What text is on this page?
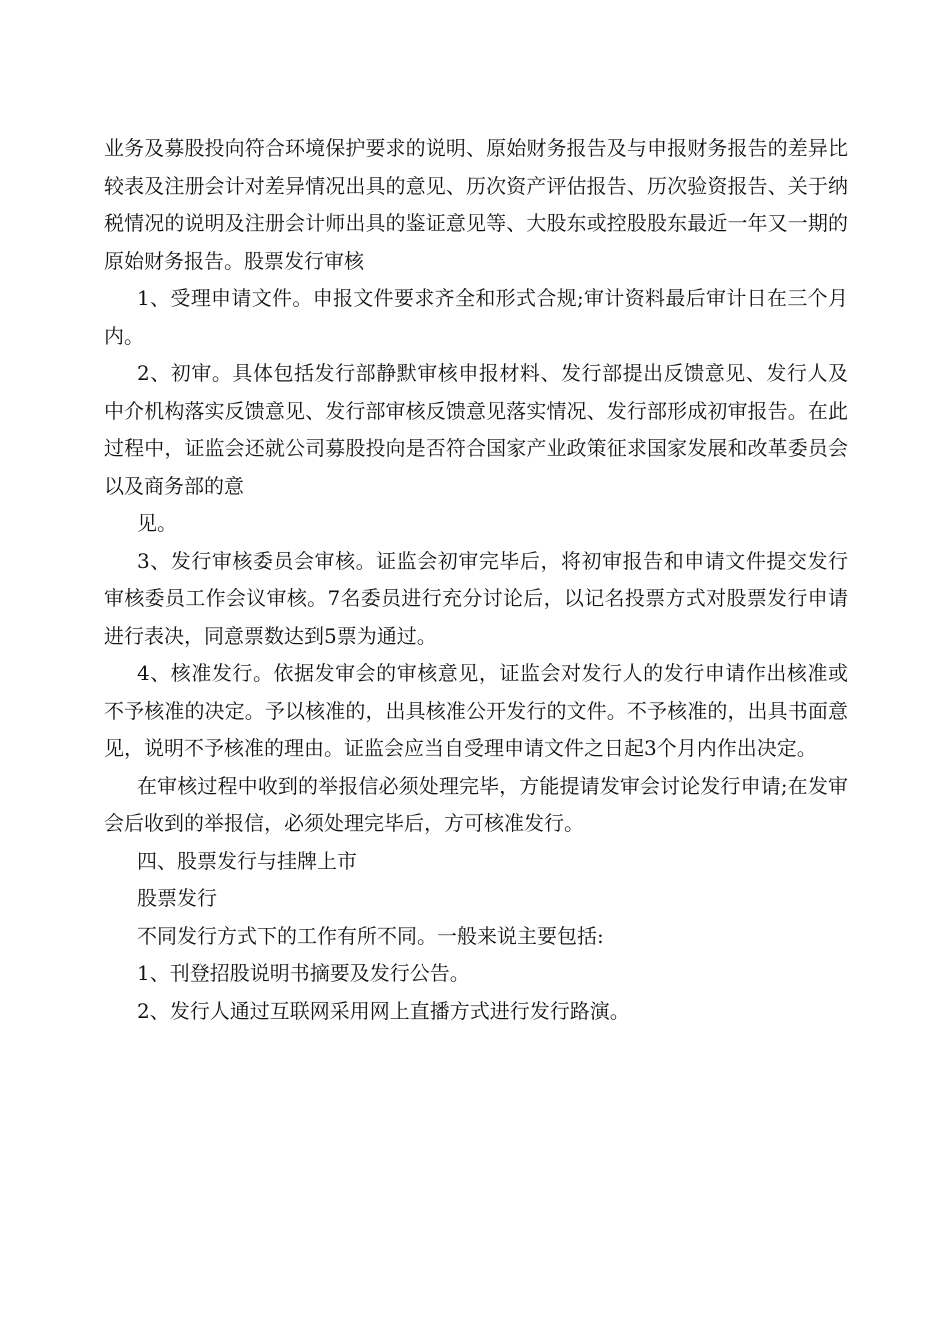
业务及募股投向符合环境保护要求的说明、原始财务报告及与申报财务报告的差异比较表及注册会计对差异情况出具的意见、历次资产评估报告、历次验资报告、关于纳税情况的说明及注册会计师出具的鉴证意见等、大股东或控股股东最近一年又一期的原始财务报告。股票发行审核

1、受理申请文件。申报文件要求齐全和形式合规;审计资料最后审计日在三个月内。

2、初审。具体包括发行部静默审核申报材料、发行部提出反馈意见、发行人及中介机构落实反馈意见、发行部审核反馈意见落实情况、发行部形成初审报告。在此过程中，证监会还就公司募股投向是否符合国家产业政策征求国家发展和改革委员会以及商务部的意

见。

3、发行审核委员会审核。证监会初审完毕后，将初审报告和申请文件提交发行审核委员工作会议审核。7名委员进行充分讨论后，以记名投票方式对股票发行申请进行表决，同意票数达到5票为通过。

4、核准发行。依据发审会的审核意见，证监会对发行人的发行申请作出核准或不予核准的决定。予以核准的，出具核准公开发行的文件。不予核准的，出具书面意见，说明不予核准的理由。证监会应当自受理申请文件之日起3个月内作出决定。

在审核过程中收到的举报信必须处理完毕，方能提请发审会讨论发行申请;在发审会后收到的举报信，必须处理完毕后，方可核准发行。

四、股票发行与挂牌上市

股票发行

不同发行方式下的工作有所不同。一般来说主要包括:

1、刊登招股说明书摘要及发行公告。

2、发行人通过互联网采用网上直播方式进行发行路演。
